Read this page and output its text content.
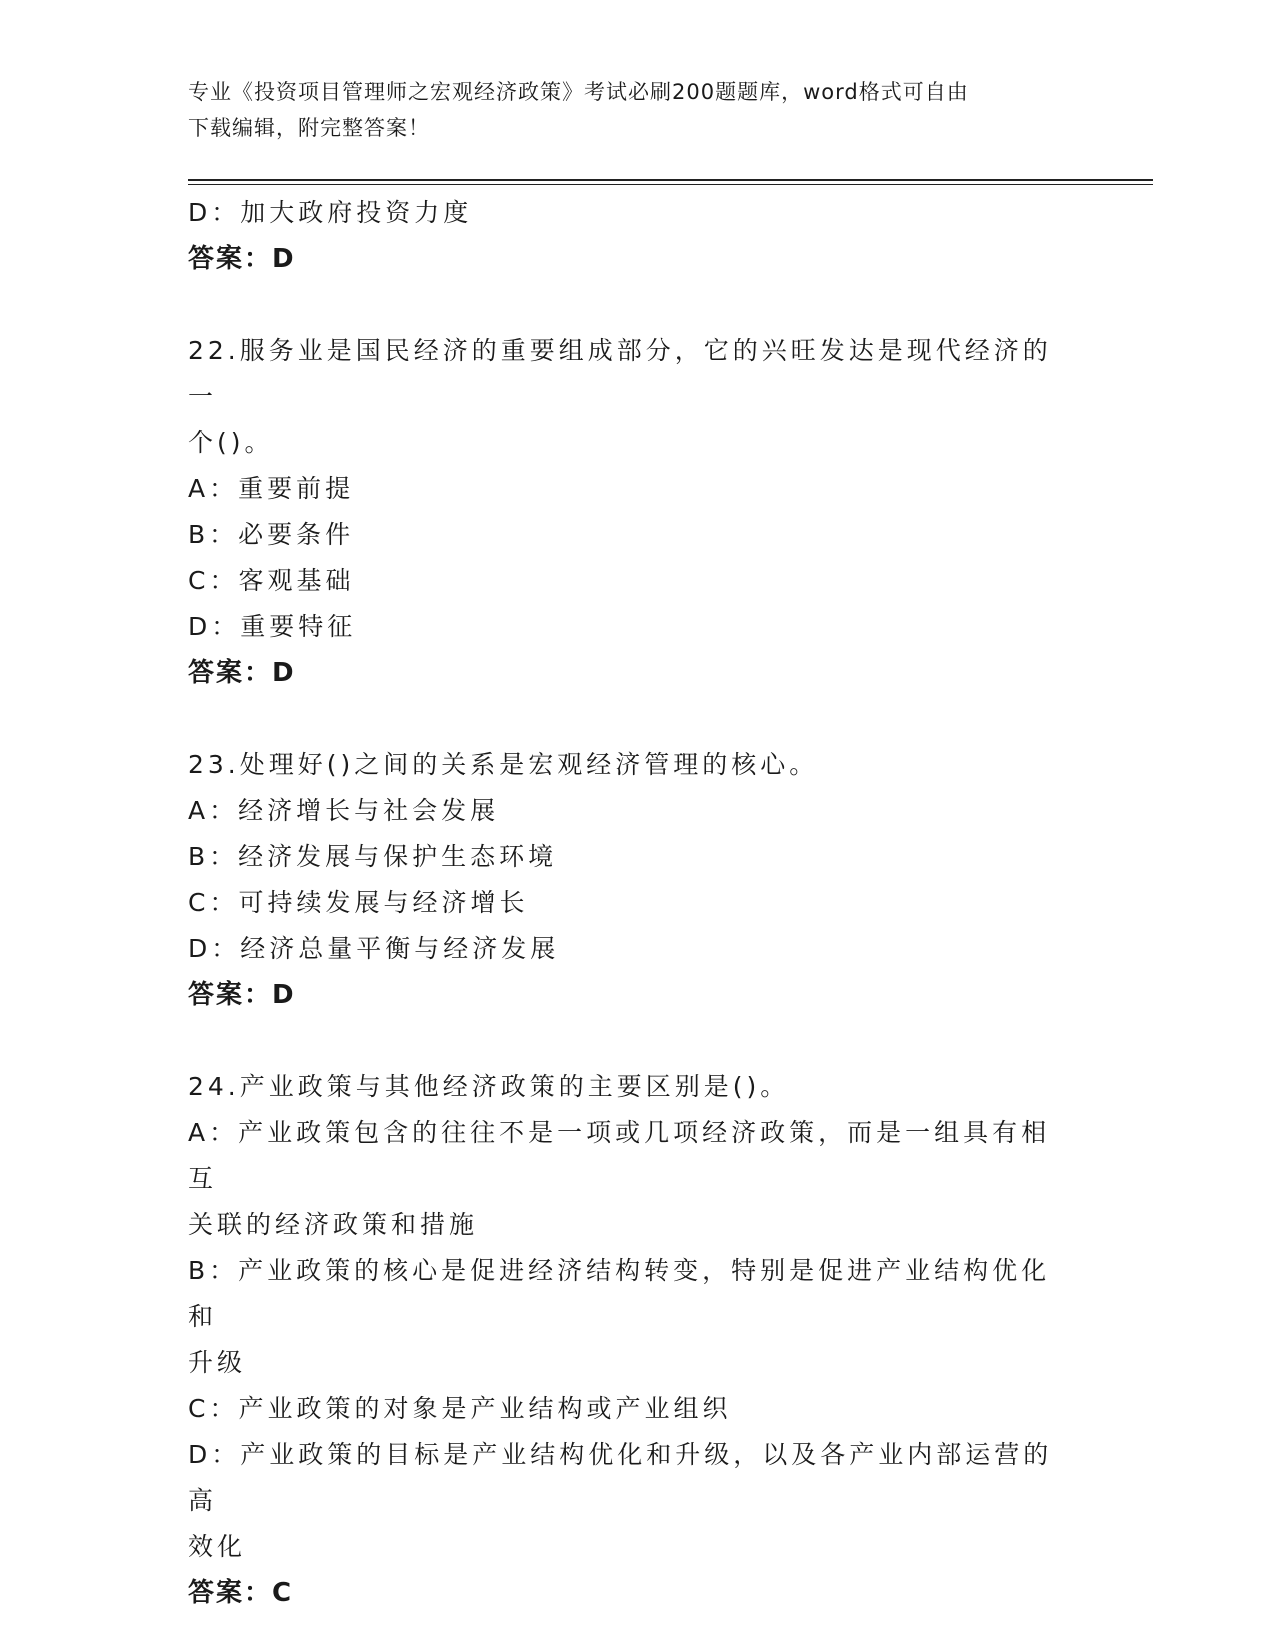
专业《投资项目管理师之宏观经济政策》考试必刷200题题库，word格式可自由
下载编辑，附完整答案！
D：加大政府投资力度
答案：D
22.服务业是国民经济的重要组成部分，它的兴旺发达是现代经济的一
个()。
A：重要前提
B：必要条件
C：客观基础
D：重要特征
答案：D
23.处理好()之间的关系是宏观经济管理的核心。
A：经济增长与社会发展
B：经济发展与保护生态环境
C：可持续发展与经济增长
D：经济总量平衡与经济发展
答案：D
24.产业政策与其他经济政策的主要区别是()。
A：产业政策包含的往往不是一项或几项经济政策，而是一组具有相互
关联的经济政策和措施
B：产业政策的核心是促进经济结构转变，特别是促进产业结构优化和
升级
C：产业政策的对象是产业结构或产业组织
D：产业政策的目标是产业结构优化和升级，以及各产业内部运营的高
效化
答案：C
